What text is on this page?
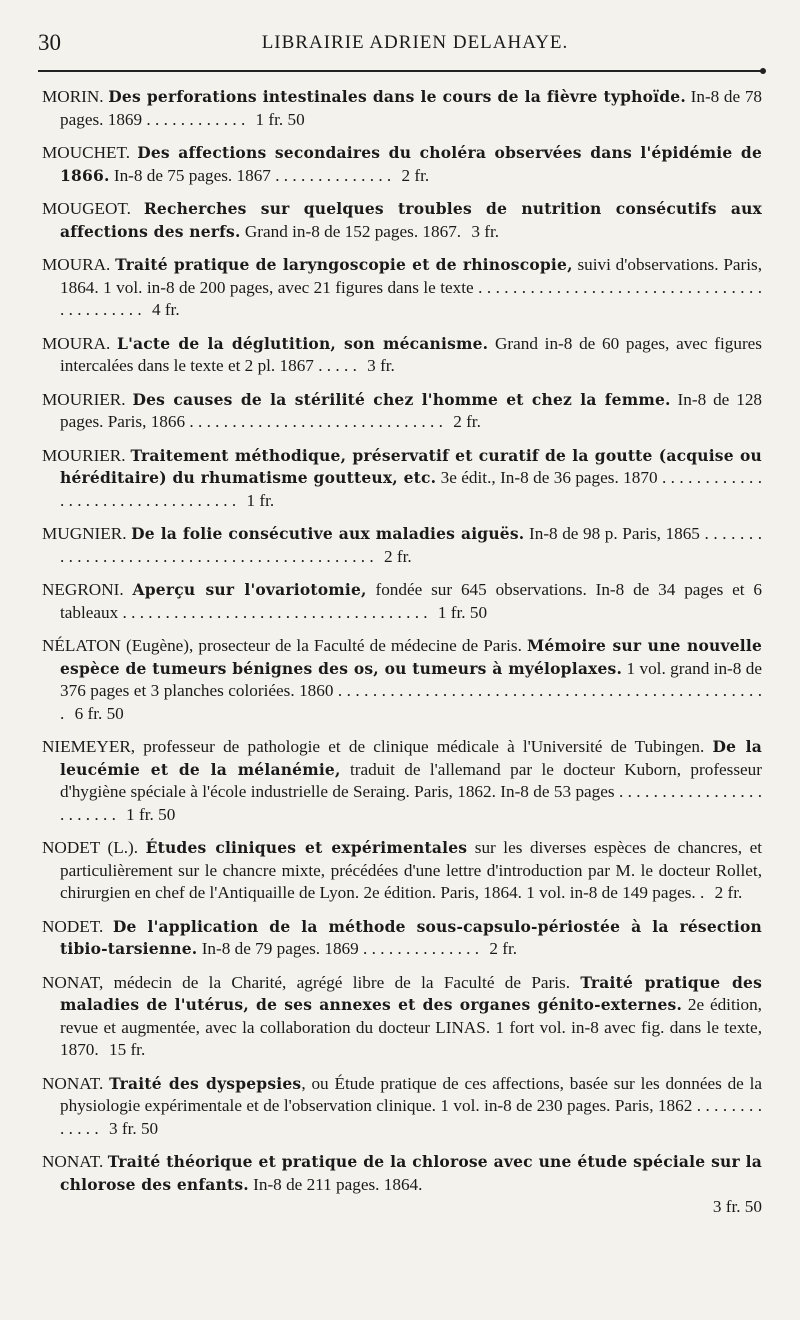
30	LIBRAIRIE ADRIEN DELAHAYE.

MORIN. Des perforations intestinales dans le cours de la fièvre typhoïde. In-8 de 78 pages. 1869 . . . . . . . . . . . . 1 fr. 50

MOUCHET. Des affections secondaires du choléra observées dans l'épidémie de 1866. In-8 de 75 pages. 1867 . . . . . . . . . . . . . . 2 fr.

MOUGEOT. Recherches sur quelques troubles de nutrition consécutifs aux affections des nerfs. Grand in-8 de 152 pages. 1867. 3 fr.

MOURA. Traité pratique de laryngoscopie et de rhinoscopie, suivi d'observations. Paris, 1864. 1 vol. in-8 de 200 pages, avec 21 figures dans le texte . . . . . . . . . . . . . . . . . . . . . . . . . . . . . . . . . . . . . . . . . . . 4 fr.

MOURA. L'acte de la déglutition, son mécanisme. Grand in-8 de 60 pages, avec figures intercalées dans le texte et 2 pl. 1867 . . . . . 3 fr.

MOURIER. Des causes de la stérilité chez l'homme et chez la femme. In-8 de 128 pages. Paris, 1866 . . . . . . . . . . . . . . . . . . . . . . . . . . . . . . 2 fr.

MOURIER. Traitement méthodique, préservatif et curatif de la goutte (acquise ou héréditaire) du rhumatisme goutteux, etc. 3e édit., In-8 de 36 pages. 1870 . . . . . . . . . . . . . . . . . . . . . . . . . . . . . . . . . 1 fr.

MUGNIER. De la folie consécutive aux maladies aiguës. In-8 de 98 p. Paris, 1865 . . . . . . . . . . . . . . . . . . . . . . . . . . . . . . . . . . . . . . . . . . . . 2 fr.

NEGRONI. Aperçu sur l'ovariotomie, fondée sur 645 observations. In-8 de 34 pages et 6 tableaux . . . . . . . . . . . . . . . . . . . . . . . . . . . . . . . . . . . . 1 fr. 50

NÉLATON (Eugène), prosecteur de la Faculté de médecine de Paris. Mémoire sur une nouvelle espèce de tumeurs bénignes des os, ou tumeurs à myéloplaxes. 1 vol. grand in-8 de 376 pages et 3 planches coloriées. 1860 . . . . . . . . . . . . . . . . . . . . . . . . . . . . . . . . . . . . . . . . . . . . . . . . . . 6 fr. 50

NIEMEYER, professeur de pathologie et de clinique médicale à l'Université de Tubingen. De la leucémie et de la mélanémie, traduit de l'allemand par le docteur Kuborn, professeur d'hygiène spéciale à l'école industrielle de Seraing. Paris, 1862. In-8 de 53 pages . . . . . . . . . . . . . . . . . . . . . . . . 1 fr. 50

NODET (L.). Études cliniques et expérimentales sur les diverses espèces de chancres, et particulièrement sur le chancre mixte, précédées d'une lettre d'introduction par M. le docteur Rollet, chirurgien en chef de l'Antiquaille de Lyon. 2e édition. Paris, 1864. 1 vol. in-8 de 149 pages. . 2 fr.

NODET. De l'application de la méthode sous-capsulo-périostée à la résection tibio-tarsienne. In-8 de 79 pages. 1869 . . . . . . . . . . . . . . 2 fr.

NONAT, médecin de la Charité, agrégé libre de la Faculté de Paris. Traité pratique des maladies de l'utérus, de ses annexes et des organes génito-externes. 2e édition, revue et augmentée, avec la collaboration du docteur LINAS. 1 fort vol. in-8 avec fig. dans le texte, 1870. 15 fr.

NONAT. Traité des dyspepsies, ou Étude pratique de ces affections, basée sur les données de la physiologie expérimentale et de l'observation clinique. 1 vol. in-8 de 230 pages. Paris, 1862 . . . . . . . . . . . . . 3 fr. 50

NONAT. Traité théorique et pratique de la chlorose avec une étude spéciale sur la chlorose des enfants. In-8 de 211 pages. 1864.
3 fr. 50
